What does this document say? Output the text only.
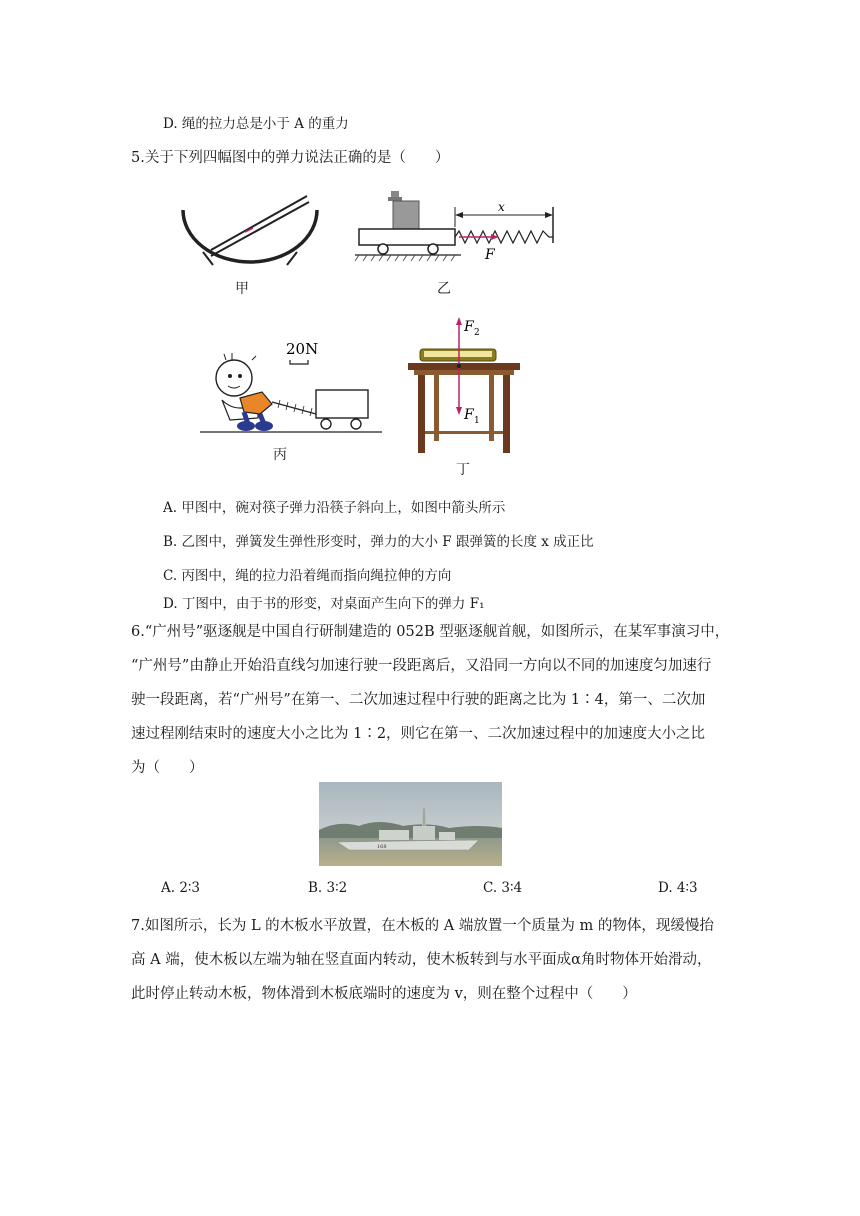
D. 绳的拉力总是小于 A 的重力
5.关于下列四幅图中的弹力说法正确的是（　　）
甲
x
F
乙
20N
丙
F 2
F 1
丁
A. 甲图中，碗对筷子弹力沿筷子斜向上，如图中箭头所示
B. 乙图中，弹簧发生弹性形变时，弹力的大小 F 跟弹簧的长度 x 成正比
C. 丙图中，绳的拉力沿着绳而指向绳拉伸的方向
D. 丁图中，由于书的形变，对桌面产生向下的弹力 F₁
6.“广州号”驱逐舰是中国自行研制建造的 052B 型驱逐舰首舰，如图所示，在某军事演习中，
“广州号”由静止开始沿直线匀加速行驶一段距离后，又沿同一方向以不同的加速度匀加速行
驶一段距离，若“广州号”在第一、二次加速过程中行驶的距离之比为 1∶4，第一、二次加
速过程刚结束时的速度大小之比为 1∶2，则它在第一、二次加速过程中的加速度大小之比
为（　　）
168
A. 2∶3	B. 3∶2	C. 3∶4	D. 4∶3
7.如图所示，长为 L 的木板水平放置，在木板的 A 端放置一个质量为 m 的物体，现缓慢抬
高 A 端，使木板以左端为轴在竖直面内转动，使木板转到与水平面成α角时物体开始滑动，
此时停止转动木板，物体滑到木板底端时的速度为 v，则在整个过程中（　　）
